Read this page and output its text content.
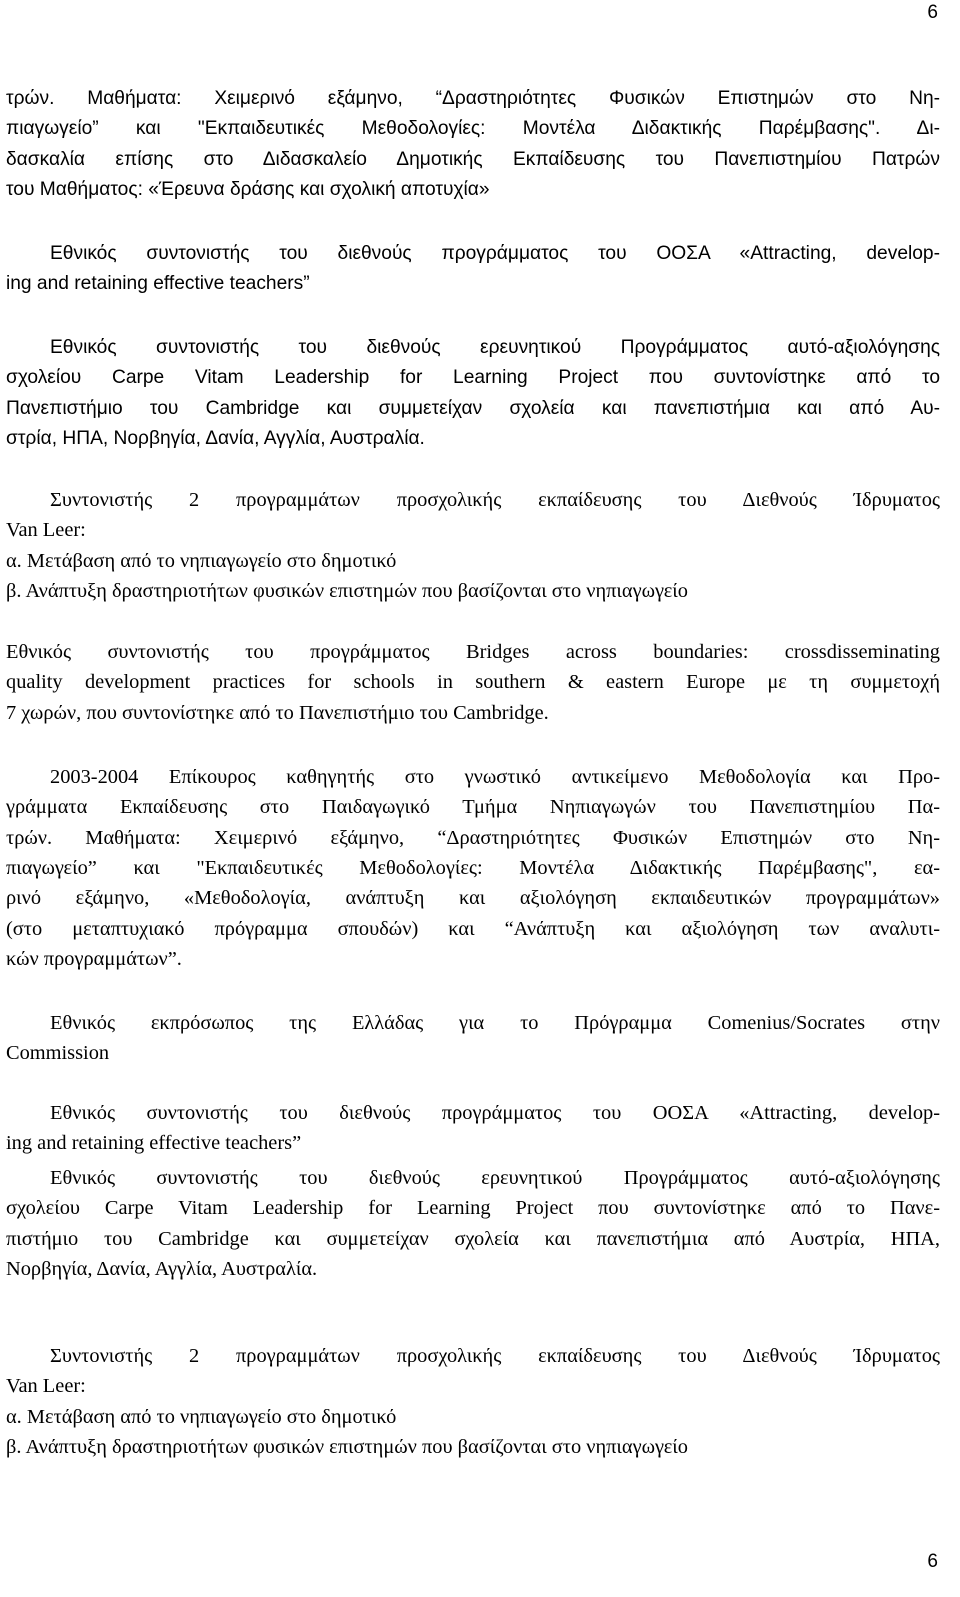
6
τρών. Μαθήματα: Χειμερινό εξάμηνο, “Δραστηριότητες Φυσικών Επιστημών στο Νη-
πιαγωγείο” και "Εκπαιδευτικές Μεθοδολογίες: Μοντέλα Διδακτικής Παρέμβασης". Δι-
δασκαλία επίσης στο Διδασκαλείο Δημοτικής Εκπαίδευσης του Πανεπιστημίου Πατρών
του Μαθήματος: «Έρευνα δράσης και σχολική αποτυχία»
Εθνικός συντονιστής του διεθνούς προγράμματος του ΟΟΣΑ «Attracting, develop-
ing and retaining effective teachers”
Εθνικός συντονιστής του διεθνούς ερευνητικού Προγράμματος αυτό-αξιολόγησης
σχολείου Carpe Vitam Leadership for Learning Project που συντονίστηκε από το
Πανεπιστήμιο του Cambridge και συμμετείχαν σχολεία και πανεπιστήμια και από Αυ-
στρία, ΗΠΑ, Νορβηγία, Δανία, Αγγλία, Αυστραλία.
Συντονιστής 2 προγραμμάτων προσχολικής εκπαίδευσης του Διεθνούς Ίδρυματος
Van Leer:
α. Μετάβαση από το νηπιαγωγείο στο δημοτικό
β. Ανάπτυξη δραστηριοτήτων φυσικών επιστημών που βασίζονται στο νηπιαγωγείο
Εθνικός συντονιστής του προγράμματος Bridges across boundaries: crossdisseminating
quality development practices for schools in southern & eastern Europe με τη συμμετοχή
7 χωρών, που συντονίστηκε από το Πανεπιστήμιο του Cambridge.
2003-2004 Επίκουρος καθηγητής στο γνωστικό αντικείμενο Μεθοδολογία και Προ-
γράμματα Εκπαίδευσης στο Παιδαγωγικό Τμήμα Νηπιαγωγών του Πανεπιστημίου Πα-
τρών. Μαθήματα: Χειμερινό εξάμηνο, “Δραστηριότητες Φυσικών Επιστημών στο Νη-
πιαγωγείο” και "Εκπαιδευτικές Μεθοδολογίες: Μοντέλα Διδακτικής Παρέμβασης", εα-
ρινό εξάμηνο, «Μεθοδολογία, ανάπτυξη και αξιολόγηση εκπαιδευτικών προγραμμάτων»
(στο μεταπτυχιακό πρόγραμμα σπουδών) και “Ανάπτυξη και αξιολόγηση των αναλυτι-
κών προγραμμάτων”.
Εθνικός εκπρόσωπος της Ελλάδας για το Πρόγραμμα Comenius/Socrates στην
Commission
Εθνικός συντονιστής του διεθνούς προγράμματος του ΟΟΣΑ «Attracting, develop-
ing and retaining effective teachers”
Εθνικός συντονιστής του διεθνούς ερευνητικού Προγράμματος αυτό-αξιολόγησης
σχολείου Carpe Vitam Leadership for Learning Project που συντονίστηκε από το Πανε-
πιστήμιο του Cambridge και συμμετείχαν σχολεία και πανεπιστήμια από Αυστρία, ΗΠΑ,
Νορβηγία, Δανία, Αγγλία, Αυστραλία.
Συντονιστής 2 προγραμμάτων προσχολικής εκπαίδευσης του Διεθνούς Ίδρυματος
Van Leer:
α. Μετάβαση από το νηπιαγωγείο στο δημοτικό
β. Ανάπτυξη δραστηριοτήτων φυσικών επιστημών που βασίζονται στο νηπιαγωγείο
6
